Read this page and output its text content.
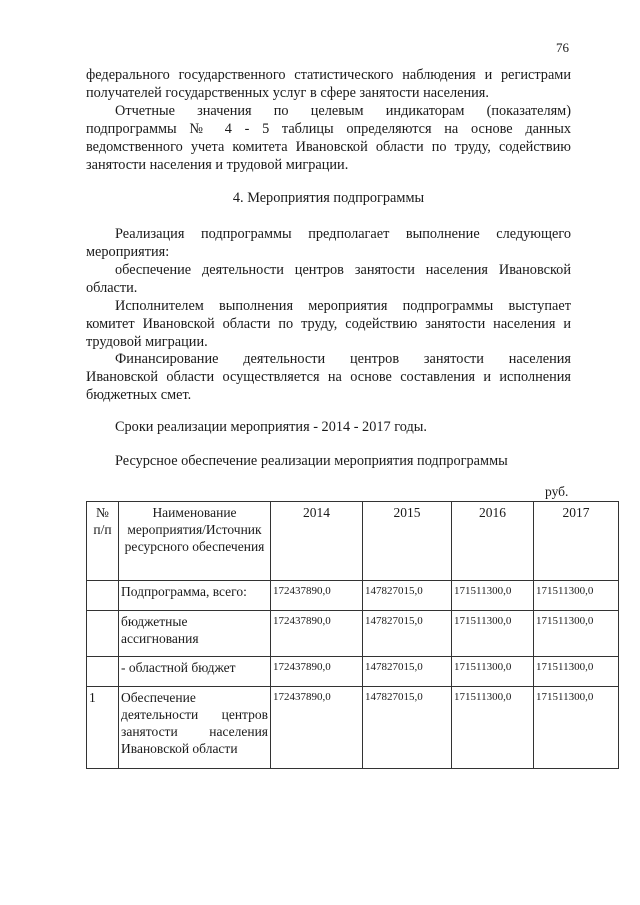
76
федерального государственного статистического наблюдения и регистрами
получателей государственных услуг в сфере занятости населения.
Отчетные значения по целевым индикаторам (показателям)
подпрограммы № 4 - 5 таблицы определяются на основе данных
ведомственного учета комитета Ивановской области по труду, содействию
занятости населения и трудовой миграции.
4. Мероприятия подпрограммы
Реализация подпрограммы предполагает выполнение следующего
мероприятия:
обеспечение деятельности центров занятости населения Ивановской
области.
Исполнителем выполнения мероприятия подпрограммы выступает
комитет Ивановской области по труду, содействию занятости населения и
трудовой миграции.
Финансирование деятельности центров занятости населения
Ивановской области осуществляется на основе составления и исполнения
бюджетных смет.
Сроки реализации мероприятия - 2014 - 2017 годы.
Ресурсное обеспечение реализации мероприятия подпрограммы
руб.
№ п/п	Наименование мероприятия/Источник ресурсного обеспечения	2014	2015	2016	2017
	Подпрограмма, всего:	172437890,0	147827015,0	171511300,0	171511300,0
	бюджетные ассигнования	172437890,0	147827015,0	171511300,0	171511300,0
	- областной бюджет	172437890,0	147827015,0	171511300,0	171511300,0
1	Обеспечение деятельности центров занятости населения Ивановской области	172437890,0	147827015,0	171511300,0	171511300,0
